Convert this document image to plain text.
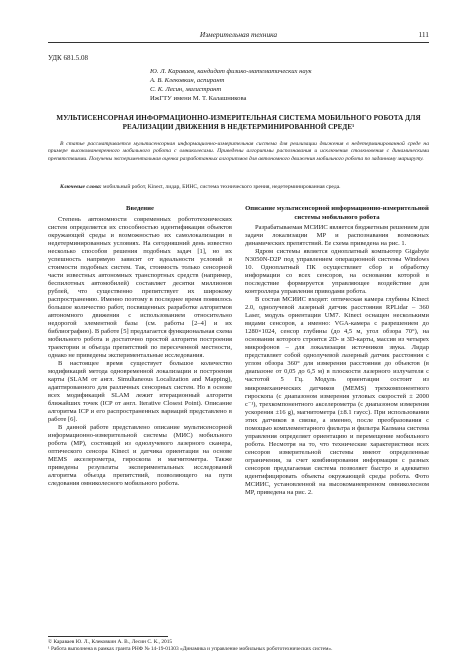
Измерительная техника	111
УДК 681.5.08
Ю. Л. Караваев, кандидат физико-математических наук
А. В. Клековкин, аспирант
С. К. Лесин, магистрант
ИжГТУ имени М. Т. Калашникова
МУЛЬТИСЕНСОРНАЯ ИНФОРМАЦИОННО-ИЗМЕРИТЕЛЬНАЯ СИСТЕМА МОБИЛЬНОГО РОБОТА ДЛЯ РЕАЛИЗАЦИИ ДВИЖЕНИЯ В НЕДЕТЕРМИНИРОВАННОЙ СРЕДЕ¹
В статье рассматривается мультисенсорная информационно-измерительная система для реализации движения в недетерминированной среде на примере высокоманевренного мобильного робота с омниколесами. Приведены алгоритмы распознавания и исключения столкновения с динамическими препятствиями. Получены экспериментальная оценка разработанных алгоритмов для автономного движения мобильного робота по заданному маршруту.
Ключевые слова: мобильный робот, Kinect, лидар, БИНС, система технического зрения, недетерминированная среда.
Введение

Степень автономности современных робототехнических систем определяется их способностью идентификации объектов окружающей среды и возможностью их самолокализации в недетерминированных условиях. На сегодняшний день известно несколько способов решения подобных задач [1], но их успешность напрямую зависит от идеальности условий и стоимости подобных систем. Так, стоимость только сенсорной части известных автономных транспортных средств (например, беспилотных автомобилей) составляет десятки миллионов рублей, что существенно препятствует их широкому распространению. Именно поэтому в последнее время появилось большое количество работ, посвященных разработке алгоритмов автономного движения с использованием относительно недорогой элементной базы (см. работы [2–4] и их библиографию). В работе [5] предлагается функциональная схема мобильного робота и достаточно простой алгоритм построения траектории и объезда препятствий по пересеченной местности, однако не приведены экспериментальные исследования.

В настоящее время существует большое количество модификаций метода одновременной локализации и построения карты (SLAM от англ. Simultaneous Localization and Mapping), адаптированного для различных сенсорных систем. Но в основе всех модификаций SLAM лежит итерационный алгоритм ближайших точек (ICP от англ. Iterative Closest Point). Описание алгоритма ICP и его распространенных вариаций представлено в работе [6].

В данной работе представлено описание мультисенсорной информационно-измерительной системы (МИС) мобильного робота (МР), состоящей из однолучевого лазерного сканера, оптического сенсора Kinect и датчика ориентации на основе MEMS акселерометра, гироскопа и магнитометра. Также приведены результаты экспериментальных исследований алгоритма объезда препятствий, позволяющего на пути следования омниколесного мобильного робота.

Описание мультисенсорной информационно-измерительной системы мобильного робота

Разрабатываемая МСИИС является бюджетным решением для задачи локализации МР и распознавания возможных динамических препятствий. Ее схема приведена на рис. 1.

Ядром системы является одноплатный компьютер Gigabyte N3050N-D2P под управлением операционной системы Windows 10. Одноплатный ПК осуществляет сбор и обработку информации со всех сенсоров, на основании которой в последствие формируется управляющее воздействие для контроллера управления приводами робота.

В состав МСИИС входят: оптическая камера глубины Kinect 2.0, однолучевой лазерный датчик расстояния RPLidar – 360 Laser, модуль ориентации UM7. Kinect оснащен несколькими видами сенсоров, а именно: VGA-камера с разрешением до 1280×1024, сенсор глубины (до 4,5 м, угол обзора 70°), на основании которого строятся 2D- и 3D-карты, массив из четырех микрофонов – для локализации источников звука. Лидар представляет собой однолучевой лазерный датчик расстояния с углом обзора 360° для измерения расстояния до объектов (в диапазоне от 0,05 до 6,5 м) в плоскости лазерного излучателя с частотой 5 Гц. Модуль ориентации состоит из микромеханических датчиков (MEMS) трехкомпонентного гироскопа (с диапазоном измерения угловых скоростей ± 2000 с⁻¹), трехкомпонентного акселерометра (с диапазоном измерения ускорения ±16 g), магнитометра (±8.1 гаусс). При использовании этих датчиков в связке, а именно, после преобразования с помощью комплементарного фильтра и фильтра Калмана система управления определяет ориентацию и перемещение мобильного робота. Несмотря на то, что технические характеристики всех сенсоров измерительной системы имеют определенные ограничения, за счет комбинирования информации с разных сенсоров предлагаемая система позволяет быстро и адекватно идентифицировать объекты окружающей среды робота. Фото МСИИС, установленной на высокоманевренном омниколесном МР, приведена на рис. 2.

© Караваев Ю. Л., Клековкин А. В., Лесин С. К., 2015
¹ Работа выполнена в рамках гранта РНФ № 14-19-01303 «Динамика и управление мобильных робототехнических систем».
